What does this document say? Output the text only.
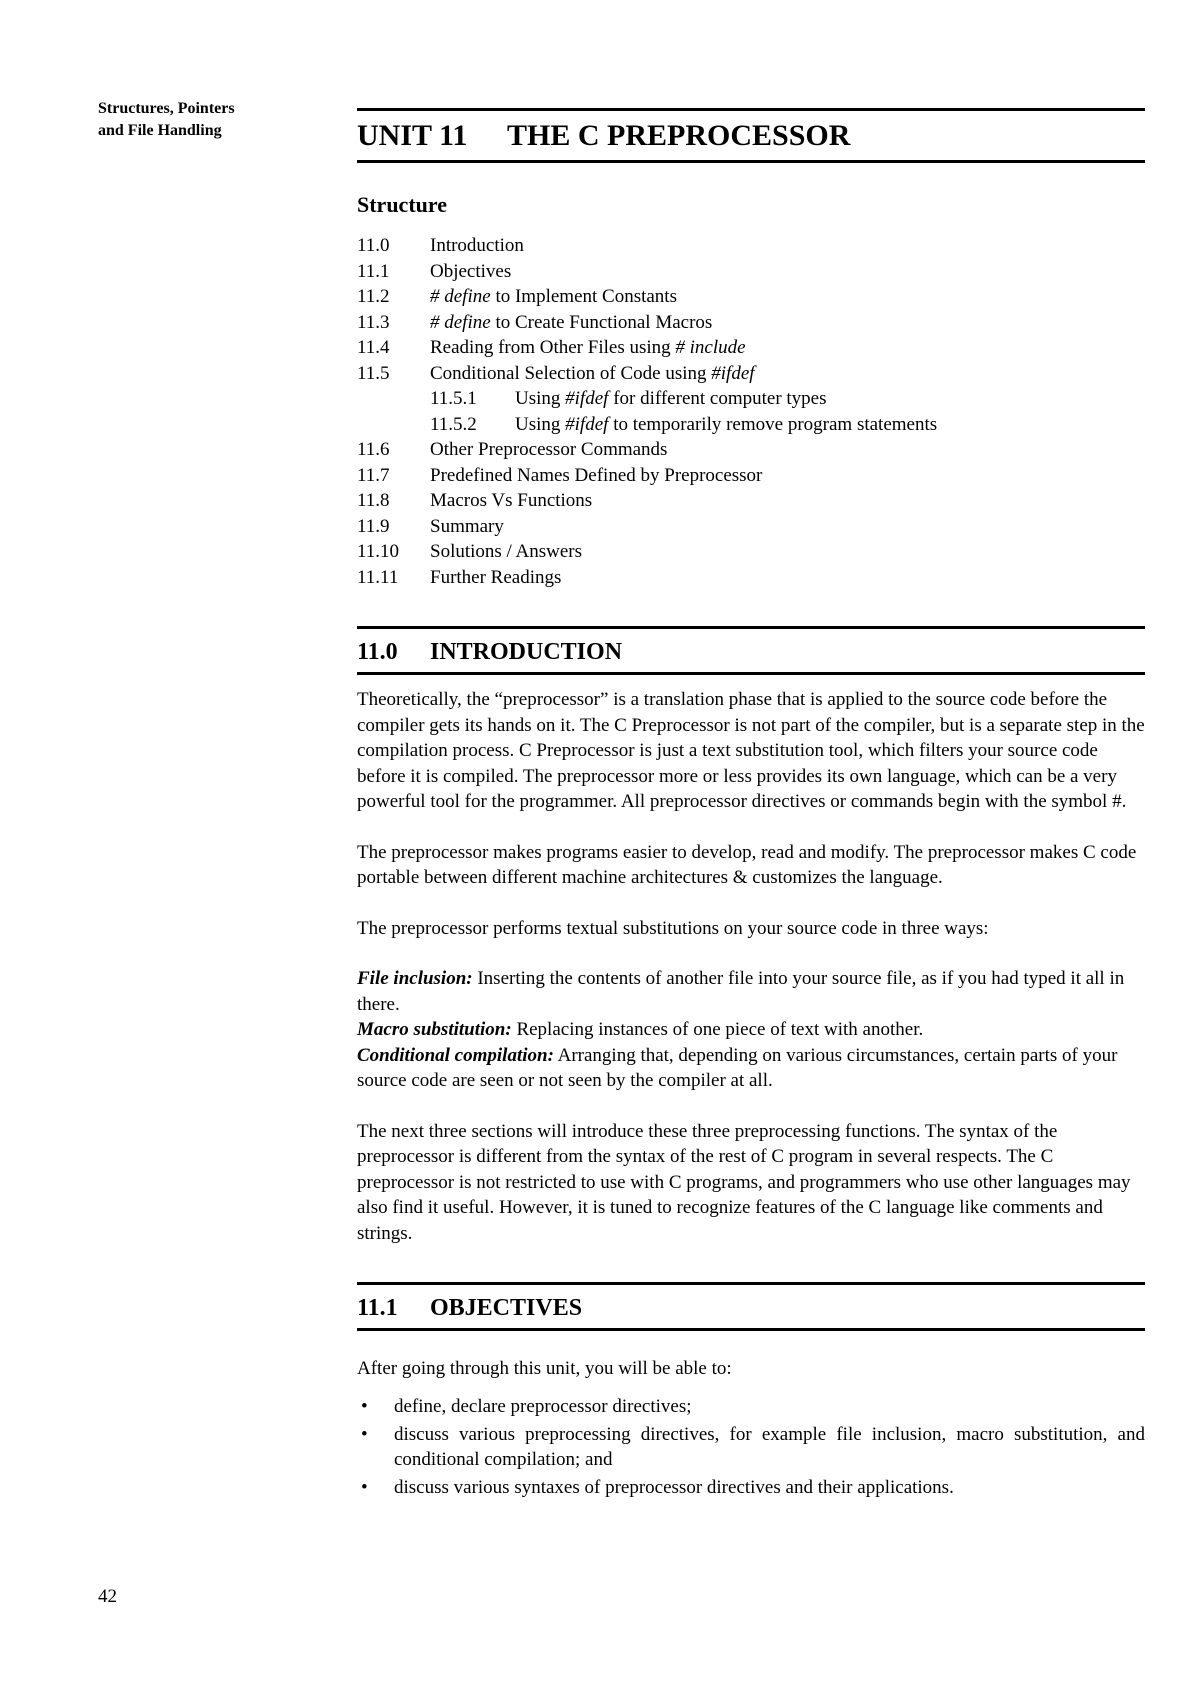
Structures, Pointers
and File Handling
42
UNIT 11 THE C PREPROCESSOR
Structure
11.0	Introduction
11.1	Objectives
11.2	# define to Implement Constants
11.3	# define to Create Functional Macros
11.4	Reading from Other Files using # include
11.5	Conditional Selection of Code using #ifdef
11.5.1	Using #ifdef for different computer types
11.5.2	Using #ifdef to temporarily remove program statements
11.6	Other Preprocessor Commands
11.7	Predefined Names Defined by Preprocessor
11.8	Macros Vs Functions
11.9	Summary
11.10	Solutions / Answers
11.11	Further Readings
11.0 INTRODUCTION

Theoretically, the “preprocessor” is a translation phase that is applied to the source code before the compiler gets its hands on it. The C Preprocessor is not part of the compiler, but is a separate step in the compilation process. C Preprocessor is just a text substitution tool, which filters your source code before it is compiled. The preprocessor more or less provides its own language, which can be a very powerful tool for the programmer. All preprocessor directives or commands begin with the symbol #.

The preprocessor makes programs easier to develop, read and modify. The preprocessor makes C code portable between different machine architectures & customizes the language.

The preprocessor performs textual substitutions on your source code in three ways:

File inclusion: Inserting the contents of another file into your source file, as if you had typed it all in there.

Macro substitution: Replacing instances of one piece of text with another.

Conditional compilation: Arranging that, depending on various circumstances, certain parts of your source code are seen or not seen by the compiler at all.

The next three sections will introduce these three preprocessing functions. The syntax of the preprocessor is different from the syntax of the rest of C program in several respects. The C preprocessor is not restricted to use with C programs, and programmers who use other languages may also find it useful. However, it is tuned to recognize features of the C language like comments and strings.

11.1 OBJECTIVES

After going through this unit, you will be able to:

• define, declare preprocessor directives;
• discuss various preprocessing directives, for example file inclusion, macro substitution, and conditional compilation; and
• discuss various syntaxes of preprocessor directives and their applications.
